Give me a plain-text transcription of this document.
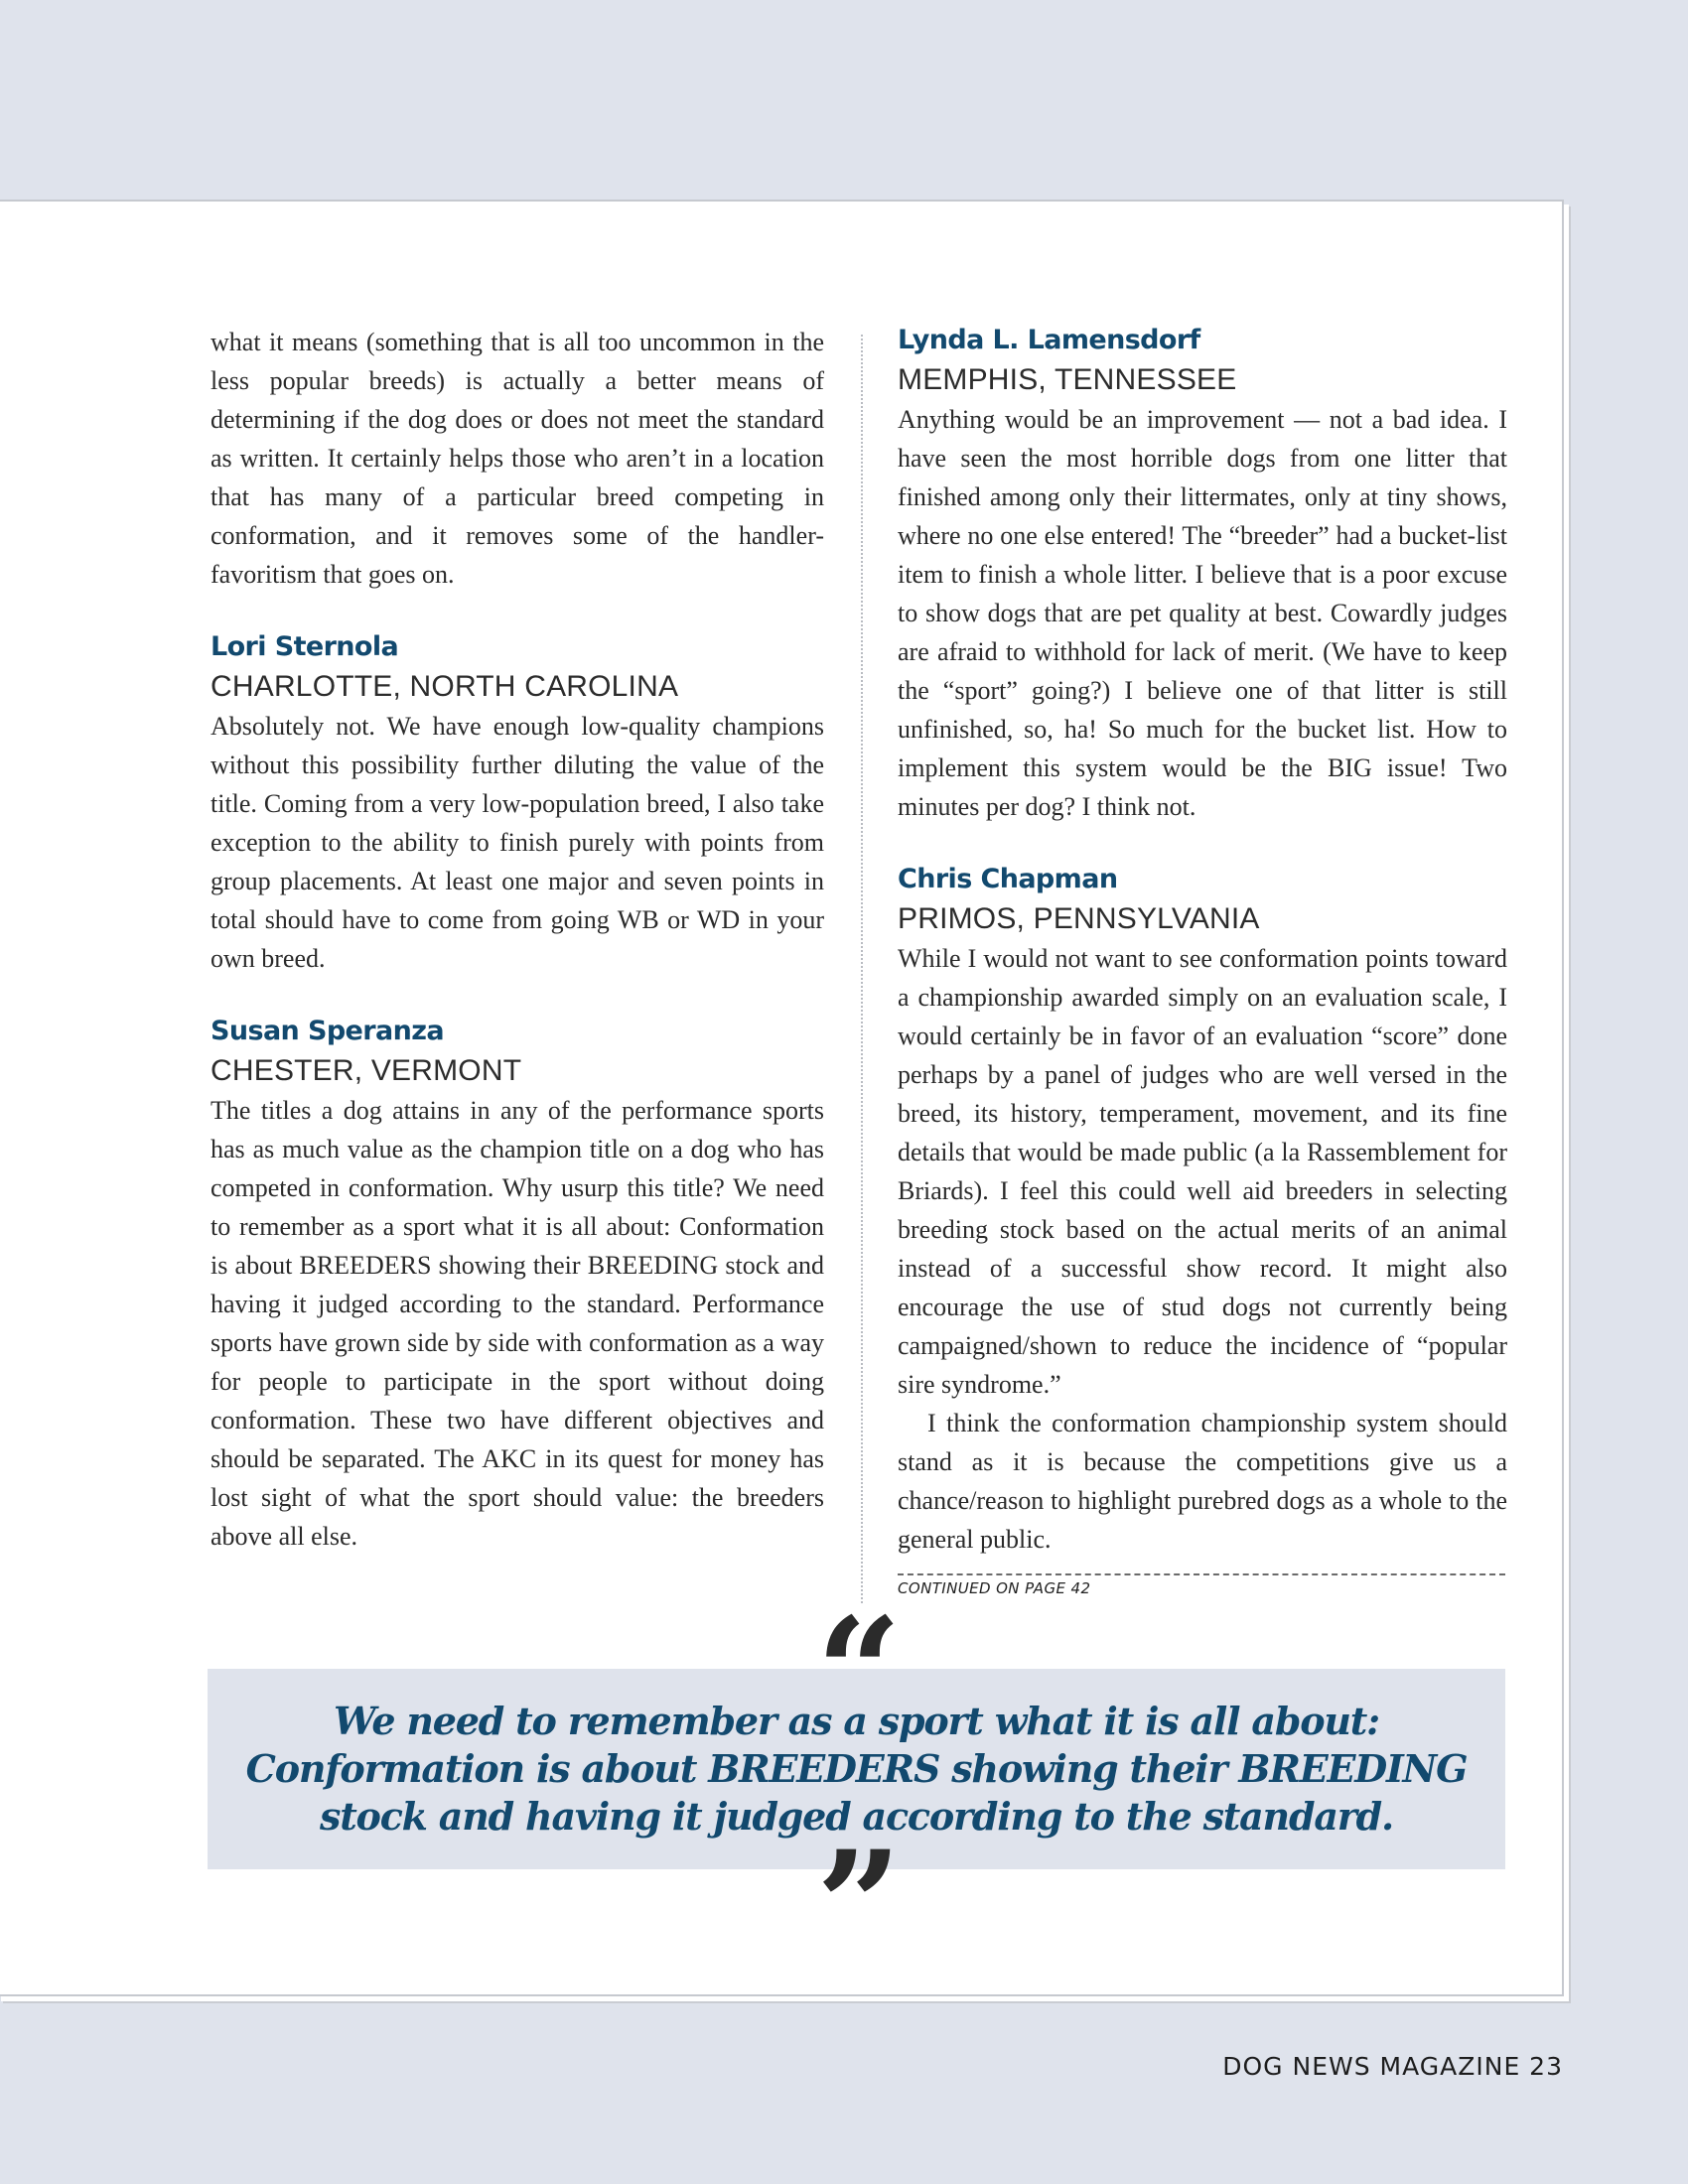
what it means (something that is all too uncommon in the less popular breeds) is actually a better means of determining if the dog does or does not meet the standard as written. It certainly helps those who aren’t in a location that has many of a particular breed competing in conformation, and it removes some of the handler-favoritism that goes on.

Lori Sternola
CHARLOTTE, NORTH CAROLINA

Absolutely not. We have enough low-quality champions without this possibility further diluting the value of the title. Coming from a very low-population breed, I also take exception to the ability to finish purely with points from group placements. At least one major and seven points in total should have to come from going WB or WD in your own breed.

Susan Speranza
CHESTER, VERMONT

The titles a dog attains in any of the performance sports has as much value as the champion title on a dog who has competed in conformation. Why usurp this title? We need to remember as a sport what it is all about: Conformation is about BREEDERS showing their BREEDING stock and having it judged according to the standard. Performance sports have grown side by side with conformation as a way for people to participate in the sport without doing conformation. These two have different objectives and should be separated. The AKC in its quest for money has lost sight of what the sport should value: the breeders above all else.

Lynda L. Lamensdorf
MEMPHIS, TENNESSEE

Anything would be an improvement — not a bad idea. I have seen the most horrible dogs from one litter that finished among only their littermates, only at tiny shows, where no one else entered! The “breeder” had a bucket-list item to finish a whole litter. I believe that is a poor excuse to show dogs that are pet quality at best. Cowardly judges are afraid to withhold for lack of merit. (We have to keep the “sport” going?) I believe one of that litter is still unfinished, so, ha! So much for the bucket list. How to implement this system would be the BIG issue! Two minutes per dog? I think not.

Chris Chapman
PRIMOS, PENNSYLVANIA

While I would not want to see conformation points toward a championship awarded simply on an evaluation scale, I would certainly be in favor of an evaluation “score” done perhaps by a panel of judges who are well versed in the breed, its history, temperament, movement, and its fine details that would be made public (a la Rassemblement for Briards). I feel this could well aid breeders in selecting breeding stock based on the actual merits of an animal instead of a successful show record. It might also encourage the use of stud dogs not currently being campaigned/shown to reduce the incidence of “popular sire syndrome.”

I think the conformation championship system should stand as it is because the competitions give us a chance/reason to highlight purebred dogs as a whole to the general public.

CONTINUED ON PAGE 42
We need to remember as a sport what it is all about: Conformation is about BREEDERS showing their BREEDING stock and having it judged according to the standard.
“
”
DOG NEWS MAGAZINE 23
